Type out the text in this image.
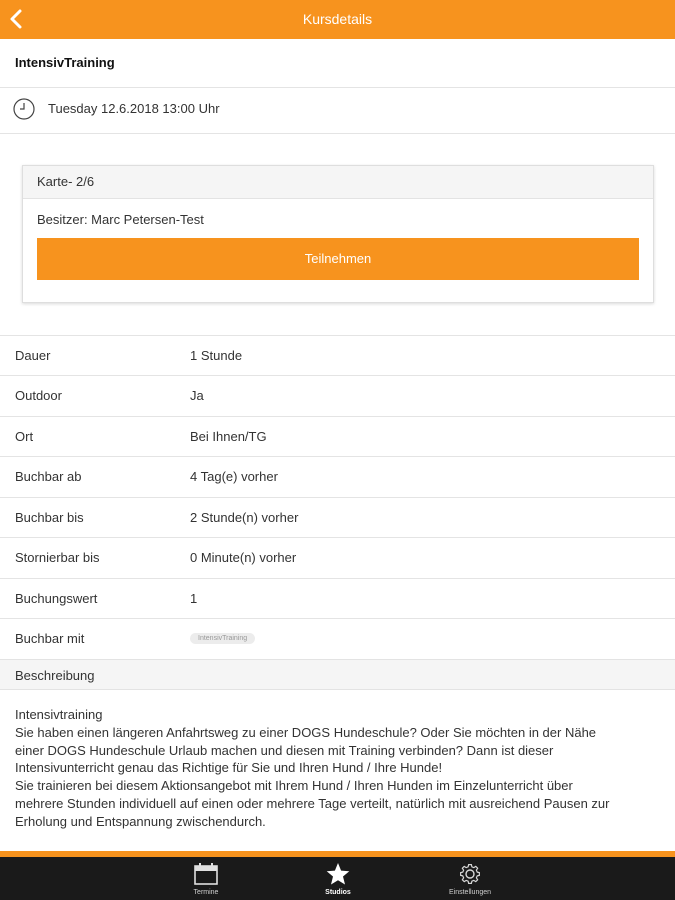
Kursdetails
IntensivTraining
Tuesday 12.6.2018 13:00 Uhr
Karte- 2/6
Besitzer: Marc Petersen-Test
Teilnehmen
Dauer	1 Stunde
Outdoor	Ja
Ort	Bei Ihnen/TG
Buchbar ab	4 Tag(e) vorher
Buchbar bis	2 Stunde(n) vorher
Stornierbar bis	0 Minute(n) vorher
Buchungswert	1
Buchbar mit	IntensivTraining
Beschreibung
Intensivtraining
Sie haben einen längeren Anfahrtsweg zu einer DOGS Hundeschule? Oder Sie möchten in der Nähe
einer DOGS Hundeschule Urlaub machen und diesen mit Training verbinden? Dann ist dieser
Intensivunterricht genau das Richtige für Sie und Ihren Hund / Ihre Hunde!
Sie trainieren bei diesem Aktionsangebot mit Ihrem Hund / Ihren Hunden im Einzelunterricht über
mehrere Stunden individuell auf einen oder mehrere Tage verteilt, natürlich mit ausreichend Pausen zur
Erholung und Entspannung zwischendurch.
Termine	Studios	Einstellungen
